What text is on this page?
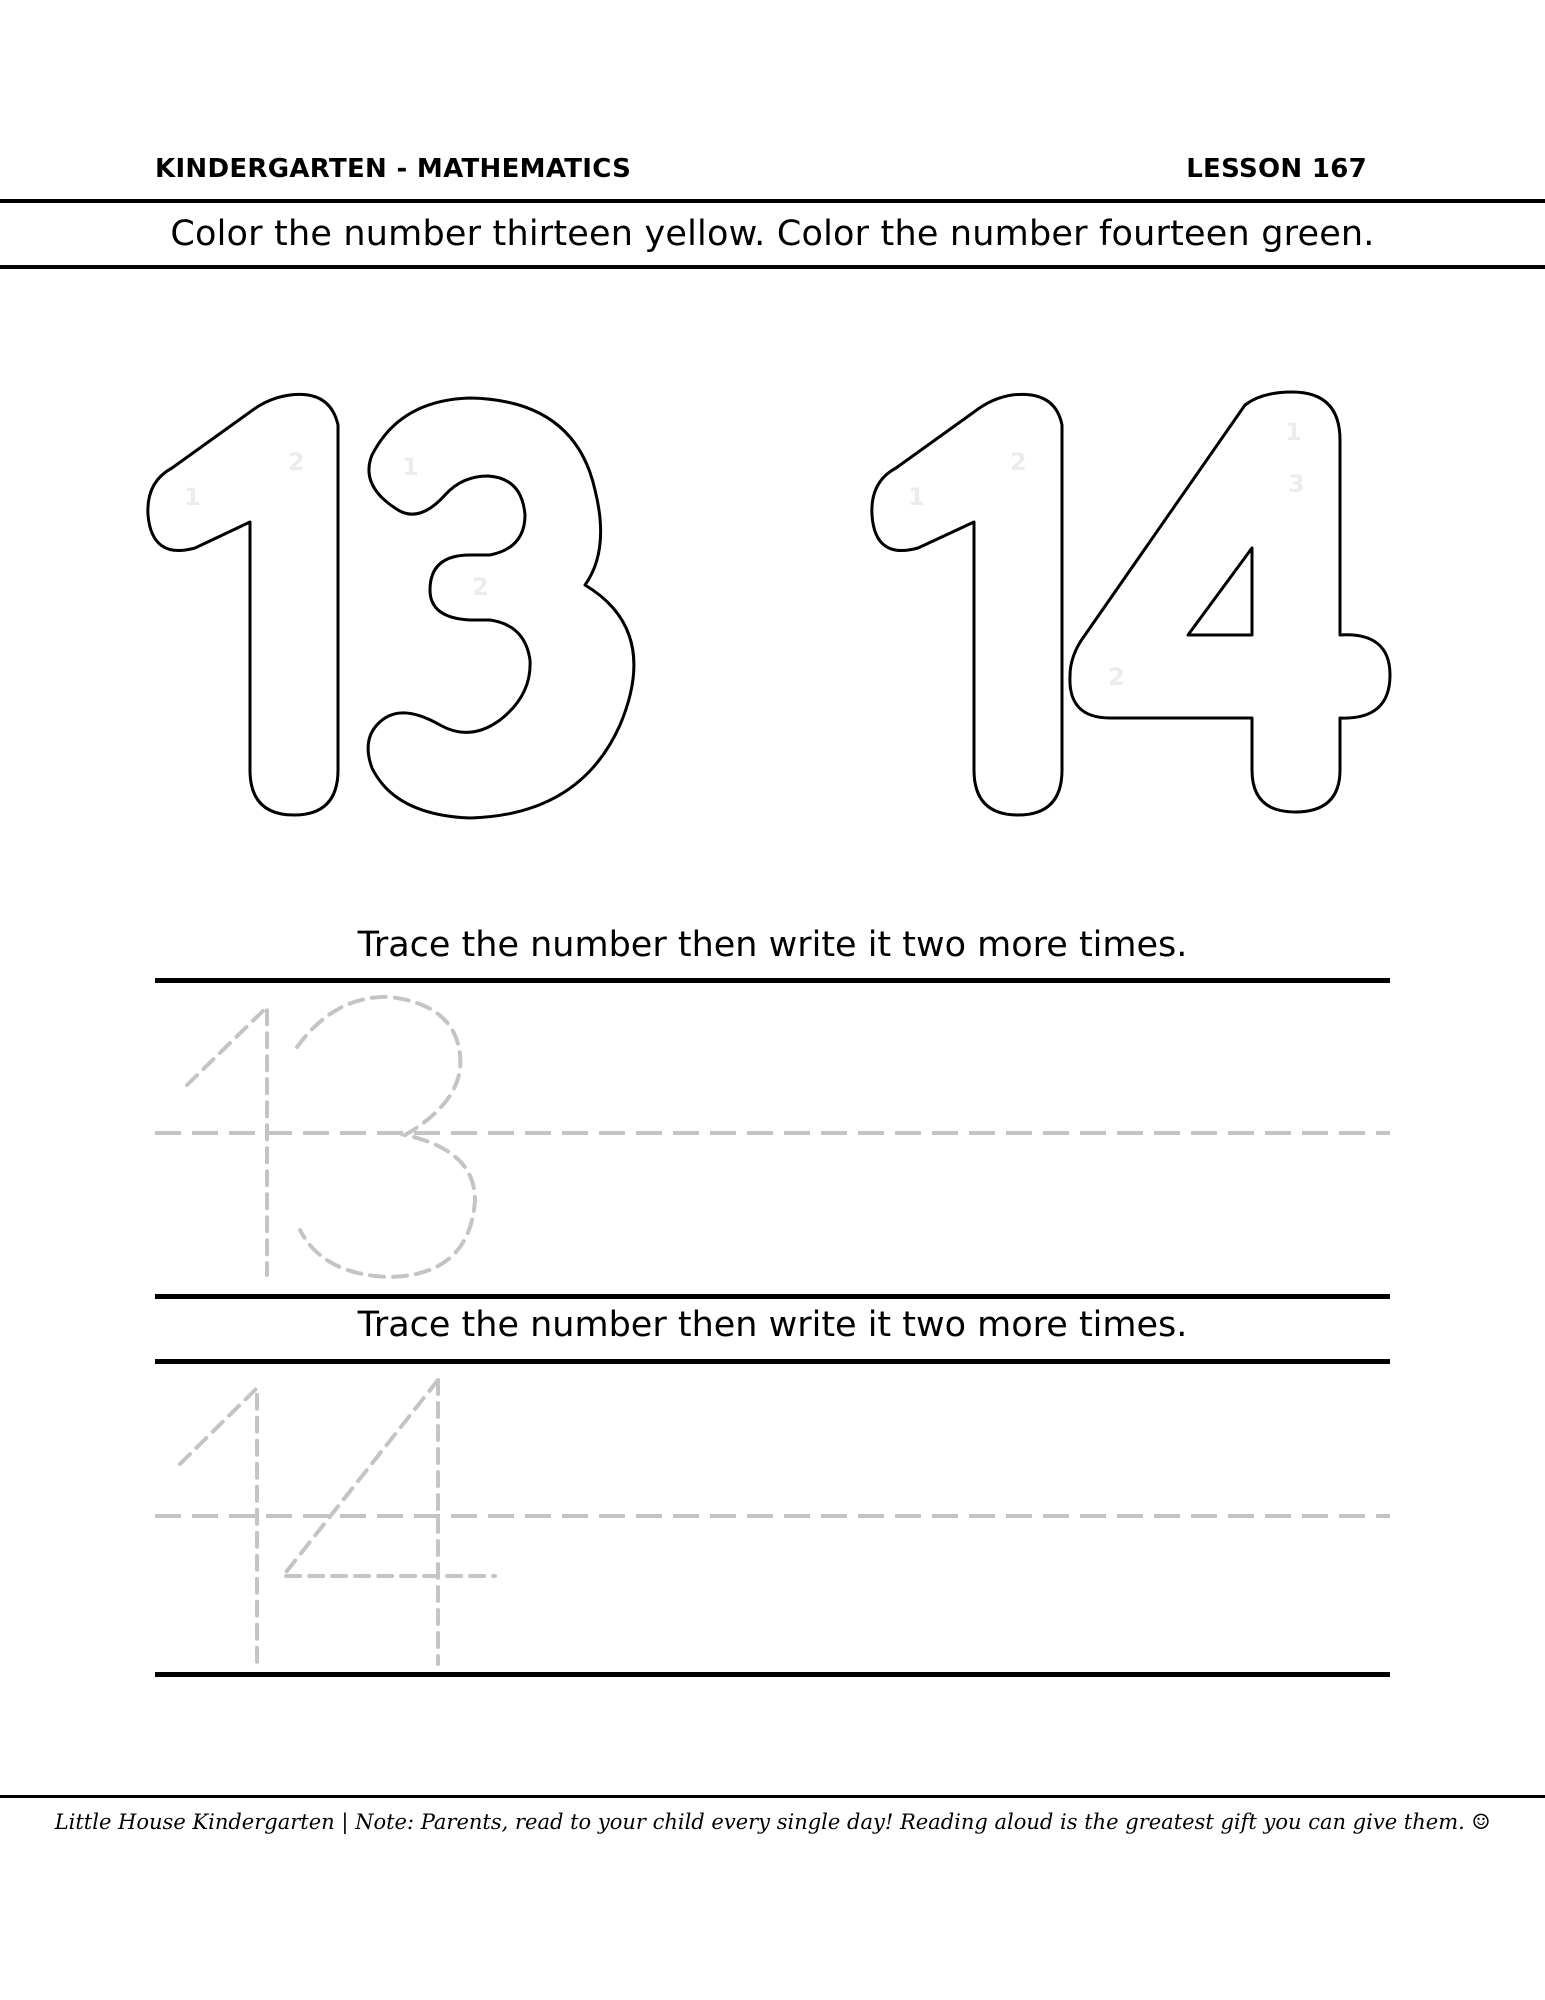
KINDERGARTEN - MATHEMATICS	LESSON 167
Color the number thirteen yellow. Color the number fourteen green.
1
2	1
2
1
2
1
2
3
Trace the number then write it two more times.
Trace the number then write it two more times.
Little House Kindergarten | Note: Parents, read to your child every single day! Reading aloud is the greatest gift you can give them. ☺
